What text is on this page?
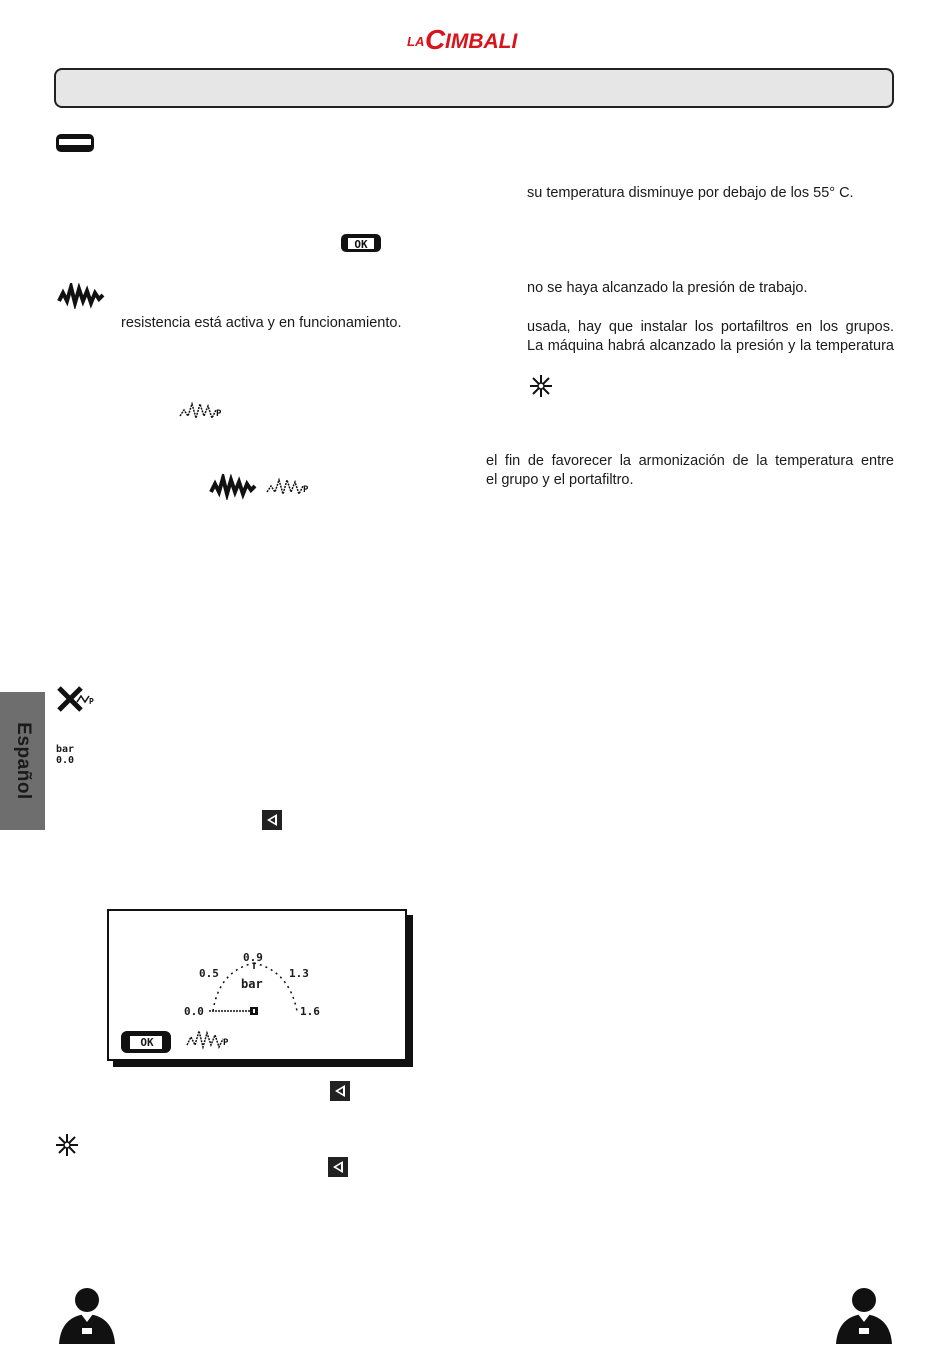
LA C IMBALI
OK
resistencia está activa y en funcionamiento.
P
P
P
bar
0.0
P
0.9
0.5	1.3
bar
0.0	1.6
OK
su temperatura disminuye por debajo de los 55° C.
no se haya alcanzado la presión de trabajo.
usada, hay que instalar los portafiltros en los grupos.
La máquina habrá alcanzado la presión y la temperatura
el fin de favorecer la armonización de la temperatura entre
el grupo y el portafiltro.
Español
